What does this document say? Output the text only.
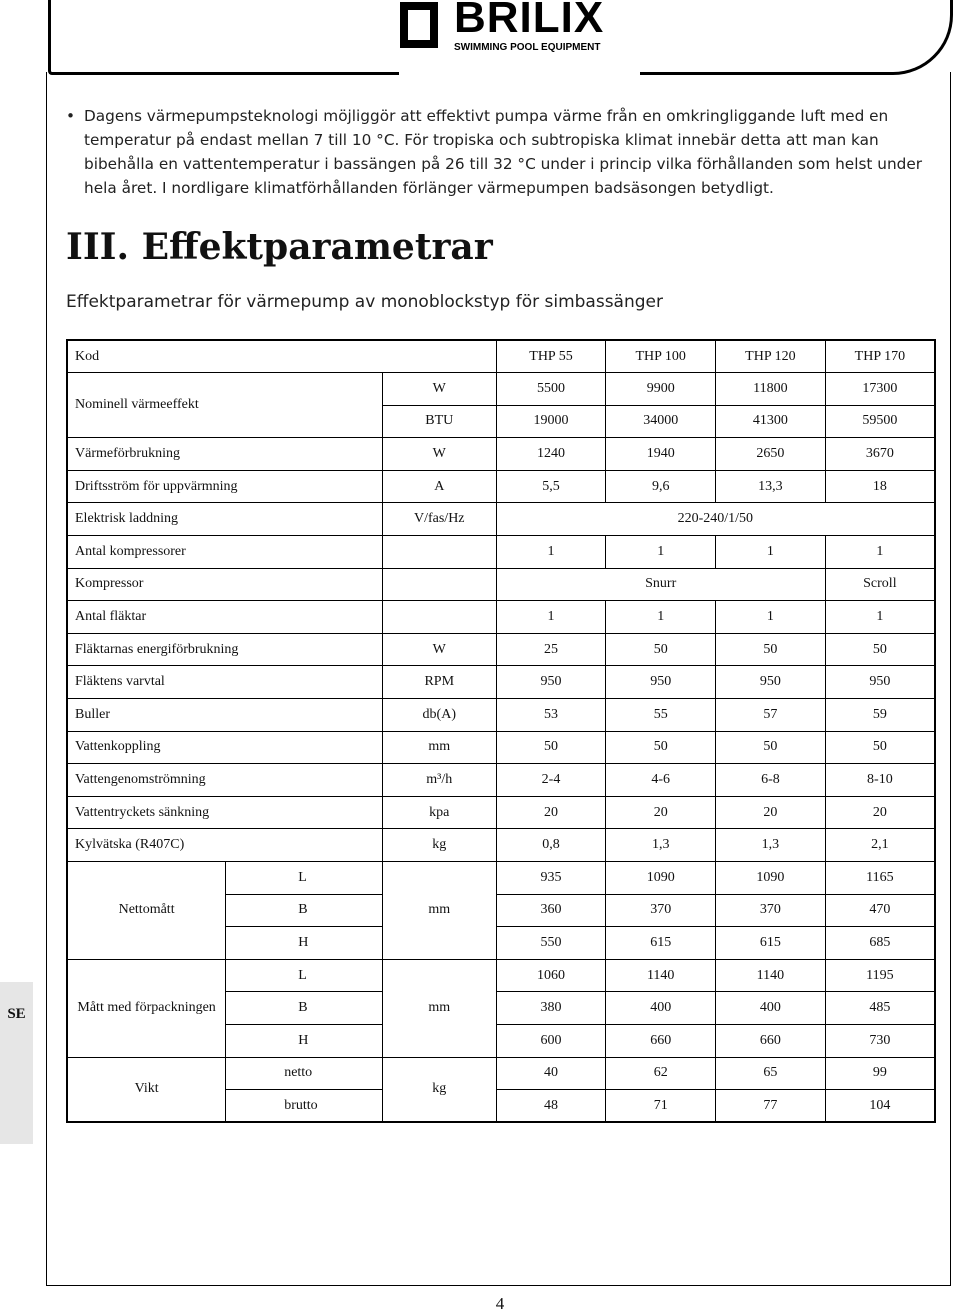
BRILIX
SWIMMING POOL EQUIPMENT
• Dagens värmepumpsteknologi möjliggör att effektivt pumpa värme från en omkringliggande luft med en temperatur på endast mellan 7 till 10 °C. För tropiska och subtropiska klimat innebär detta att man kan bibehålla en vattentemperatur i bassängen på 26 till 32 °C under i princip vilka förhållanden som helst under hela året. I nordligare klimatförhållanden förlänger värmepumpen badsäsongen betydligt.
III. Effektparametrar
Effektparametrar för värmepump av monoblockstyp för simbassänger
Kod			THP 55	THP 100	THP 120	THP 170
Nominell värmeeffekt		W	5500	9900	11800	17300
		BTU	19000	34000	41300	59500
Värmeförbrukning		W	1240	1940	2650	3670
Driftsström för uppvärmning		A	5,5	9,6	13,3	18
Elektrisk laddning		V/fas/Hz	220-240/1/50			
Antal kompressorer			1	1	1	1
Kompressor			Snurr			Scroll
Antal fläktar			1	1	1	1
Fläktarnas energiförbrukning		W	25	50	50	50
Fläktens varvtal		RPM	950	950	950	950
Buller		db(A)	53	55	57	59
Vattenkoppling		mm	50	50	50	50
Vattengenomströmning		m³/h	2-4	4-6	6-8	8-10
Vattentryckets sänkning		kpa	20	20	20	20
Kylvätska (R407C)		kg	0,8	1,3	1,3	2,1
Nettomått	L	mm	935	1090	1090	1165
	B		360	370	370	470
	H		550	615	615	685
Mått med förpackningen	L	mm	1060	1140	1140	1195
	B		380	400	400	485
	H		600	660	660	730
Vikt	netto	kg	40	62	65	99
	brutto		48	71	77	104
SE
4
